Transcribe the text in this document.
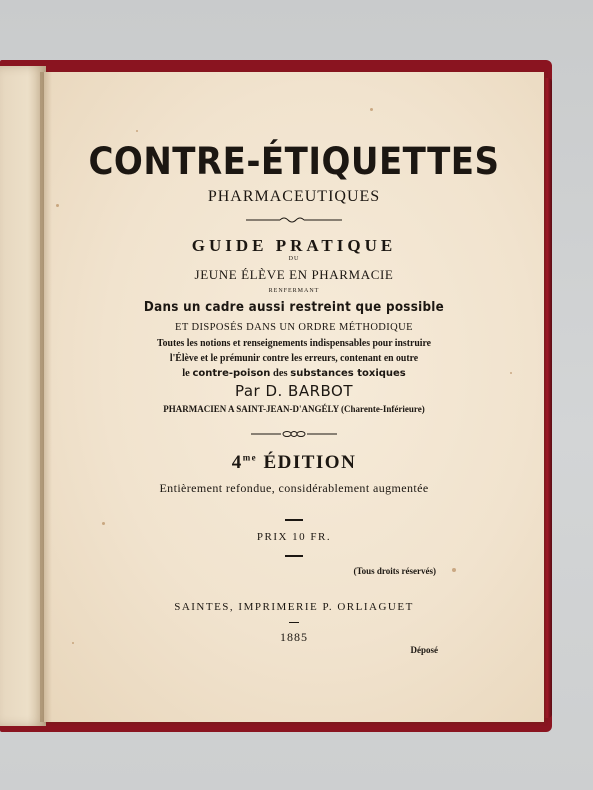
CONTRE-ÉTIQUETTES
PHARMACEUTIQUES
GUIDE PRATIQUE
DU
JEUNE ÉLÈVE EN PHARMACIE
RENFERMANT
Dans un cadre aussi restreint que possible
ET DISPOSÉS DANS UN ORDRE MÉTHODIQUE
Toutes les notions et renseignements indispensables pour instruire
l'Élève et le prémunir contre les erreurs, contenant en outre
le contre-poison des substances toxiques
Par D. BARBOT
PHARMACIEN A SAINT-JEAN-D'ANGÉLY (Charente-Inférieure)
$4^{me}$ ÉDITION
Entièrement refondue, considérablement augmentée
PRIX 10 FR.
(Tous droits réservés)
SAINTES, IMPRIMERIE P. ORLIAGUET
1885
Déposé
